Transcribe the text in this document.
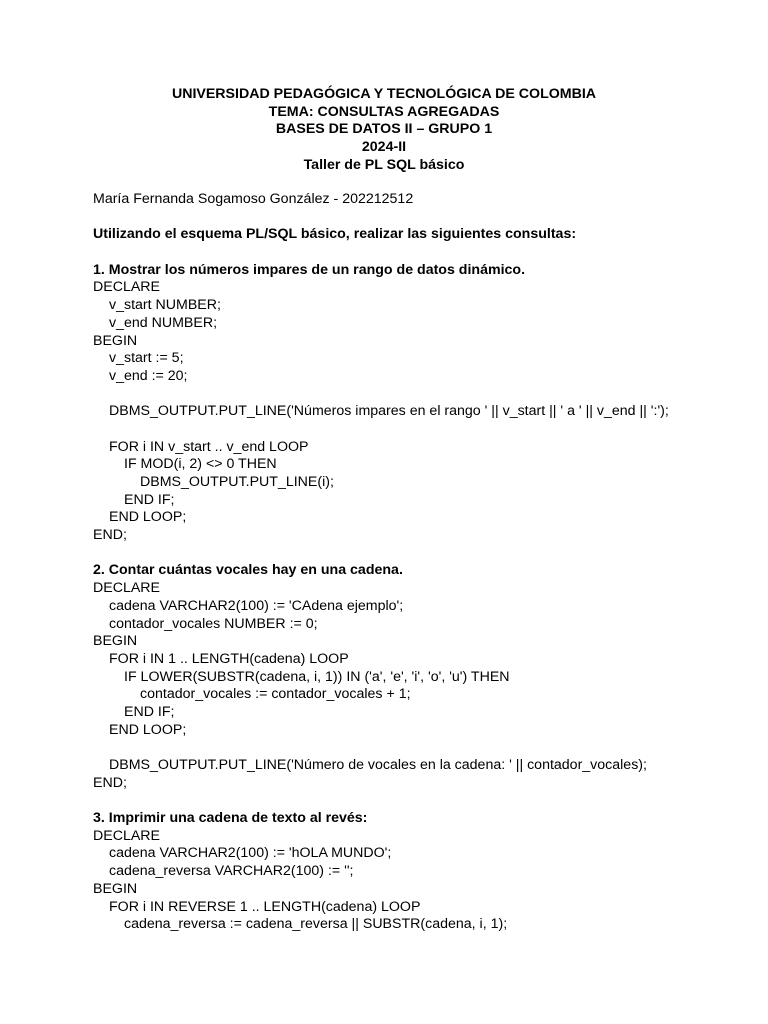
UNIVERSIDAD PEDAGÓGICA Y TECNOLÓGICA DE COLOMBIA
TEMA: CONSULTAS AGREGADAS
BASES DE DATOS II – GRUPO 1
2024-II
Taller de PL SQL básico
María Fernanda Sogamoso González - 202212512
Utilizando el esquema PL/SQL básico, realizar las siguientes consultas:
1. Mostrar los números impares de un rango de datos dinámico.
DECLARE
v_start NUMBER;
v_end NUMBER;
BEGIN
v_start := 5;
v_end := 20;
DBMS_OUTPUT.PUT_LINE('Números impares en el rango ' || v_start || ' a ' || v_end || ':');
FOR i IN v_start .. v_end LOOP
IF MOD(i, 2) <> 0 THEN
DBMS_OUTPUT.PUT_LINE(i);
END IF;
END LOOP;
END;
2. Contar cuántas vocales hay en una cadena.
DECLARE
cadena VARCHAR2(100) := 'CAdena ejemplo';
contador_vocales NUMBER := 0;
BEGIN
FOR i IN 1 .. LENGTH(cadena) LOOP
IF LOWER(SUBSTR(cadena, i, 1)) IN ('a', 'e', 'i', 'o', 'u') THEN
contador_vocales := contador_vocales + 1;
END IF;
END LOOP;
DBMS_OUTPUT.PUT_LINE('Número de vocales en la cadena: ' || contador_vocales);
END;
3. Imprimir una cadena de texto al revés:
DECLARE
cadena VARCHAR2(100) := 'hOLA MUNDO';
cadena_reversa VARCHAR2(100) := '';
BEGIN
FOR i IN REVERSE 1 .. LENGTH(cadena) LOOP
cadena_reversa := cadena_reversa || SUBSTR(cadena, i, 1);
